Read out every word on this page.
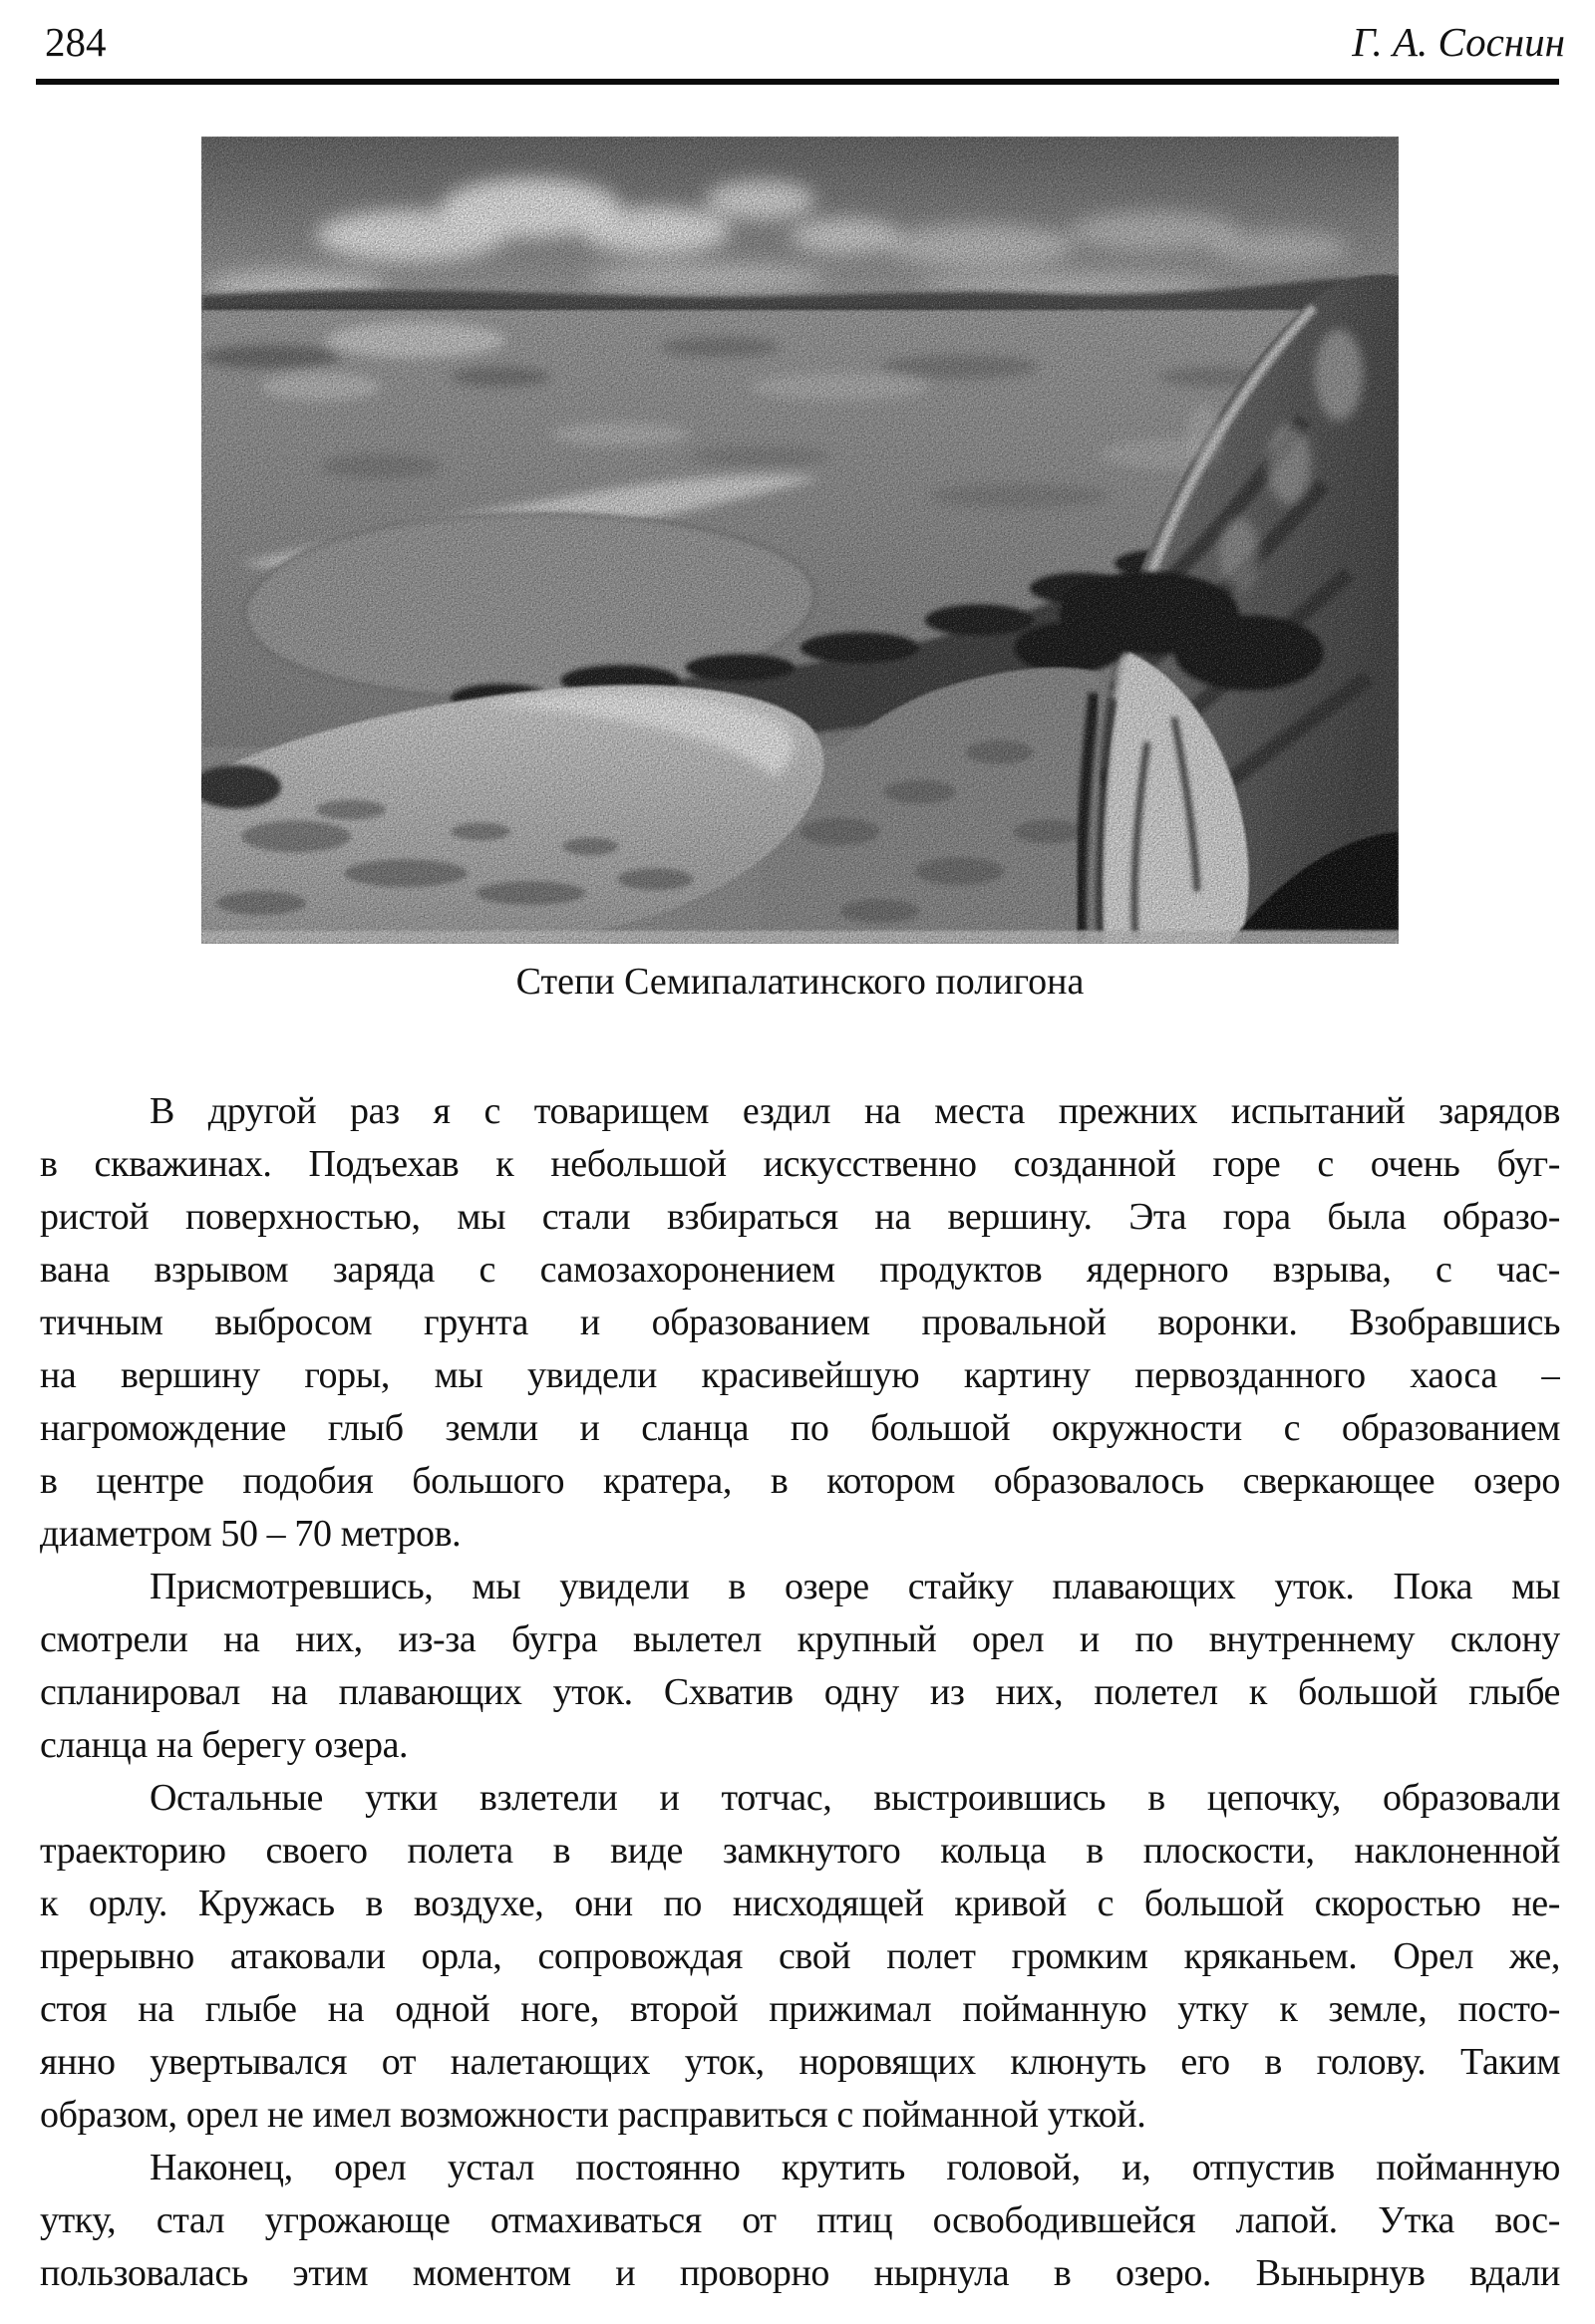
284	Г. А. Соснин
Степи Семипалатинского полигона
В другой раз я с товарищем ездил на места прежних испытаний зарядов
в скважинах. Подъехав к небольшой искусственно созданной горе с очень буг-
ристой поверхностью, мы стали взбираться на вершину. Эта гора была образо-
вана взрывом заряда с самозахоронением продуктов ядерного взрыва, с час-
тичным выбросом грунта и образованием провальной воронки. Взобравшись
на вершину горы, мы увидели красивейшую картину первозданного хаоса –
нагромождение глыб земли и сланца по большой окружности с образованием
в центре подобия большого кратера, в котором образовалось сверкающее озеро
диаметром 50 – 70 метров.
Присмотревшись, мы увидели в озере стайку плавающих уток. Пока мы
смотрели на них, из-за бугра вылетел крупный орел и по внутреннему склону
спланировал на плавающих уток. Схватив одну из них, полетел к большой глыбе
сланца на берегу озера.
Остальные утки взлетели и тотчас, выстроившись в цепочку, образовали
траекторию своего полета в виде замкнутого кольца в плоскости, наклоненной
к орлу. Кружась в воздухе, они по нисходящей кривой с большой скоростью не-
прерывно атаковали орла, сопровождая свой полет громким кряканьем. Орел же,
стоя на глыбе на одной ноге, второй прижимал пойманную утку к земле, посто-
янно увертывался от налетающих уток, норовящих клюнуть его в голову. Таким
образом, орел не имел возможности расправиться с пойманной уткой.
Наконец, орел устал постоянно крутить головой, и, отпустив пойманную
утку, стал угрожающе отмахиваться от птиц освободившейся лапой. Утка вос-
пользовалась этим моментом и проворно нырнула в озеро. Вынырнув вдали
